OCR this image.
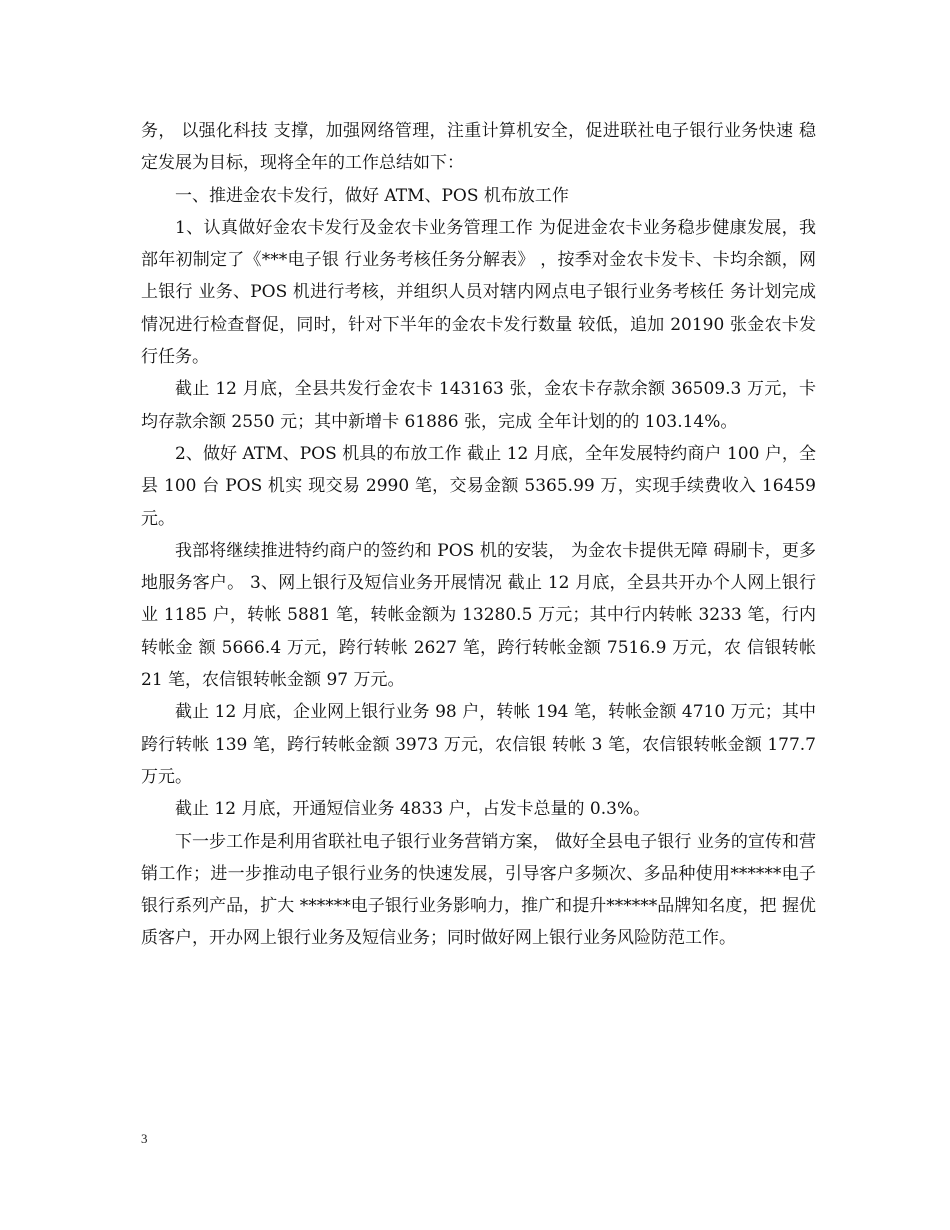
务， 以强化科技 支撑，加强网络管理，注重计算机安全，促进联社电子银行业务快速 稳定发展为目标，现将全年的工作总结如下：

一、推进金农卡发行，做好 ATM、POS 机布放工作

1、认真做好金农卡发行及金农卡业务管理工作 为促进金农卡业务稳步健康发展，我部年初制定了《***电子银 行业务考核任务分解表》 ，按季对金农卡发卡、卡均余额，网上银行 业务、POS 机进行考核，并组织人员对辖内网点电子银行业务考核任 务计划完成情况进行检查督促，同时，针对下半年的金农卡发行数量 较低，追加 20190 张金农卡发行任务。

截止 12 月底，全县共发行金农卡 143163 张，金农卡存款余额 36509.3 万元，卡均存款余额 2550 元；其中新增卡 61886 张，完成 全年计划的的 103.14%。

2、做好 ATM、POS 机具的布放工作 截止 12 月底，全年发展特约商户 100 户，全县 100 台 POS 机实 现交易 2990 笔，交易金额 5365.99 万，实现手续费收入 16459 元。

我部将继续推进特约商户的签约和 POS 机的安装， 为金农卡提供无障 碍刷卡，更多地服务客户。 3、网上银行及短信业务开展情况 截止 12 月底，全县共开办个人网上银行业 1185 户，转帐 5881 笔，转帐金额为 13280.5 万元；其中行内转帐 3233 笔，行内转帐金 额 5666.4 万元，跨行转帐 2627 笔，跨行转帐金额 7516.9 万元，农 信银转帐 21 笔，农信银转帐金额 97 万元。

截止 12 月底，企业网上银行业务 98 户，转帐 194 笔，转帐金额 4710 万元；其中跨行转帐 139 笔，跨行转帐金额 3973 万元，农信银 转帐 3 笔，农信银转帐金额 177.7 万元。

截止 12 月底，开通短信业务 4833 户，占发卡总量的 0.3%。

下一步工作是利用省联社电子银行业务营销方案， 做好全县电子银行 业务的宣传和营销工作；进一步推动电子银行业务的快速发展，引导客户多频次、多品种使用******电子银行系列产品，扩大 ******电子银行业务影响力，推广和提升******品牌知名度，把 握优质客户，开办网上银行业务及短信业务；同时做好网上银行业务风险防范工作。

3
